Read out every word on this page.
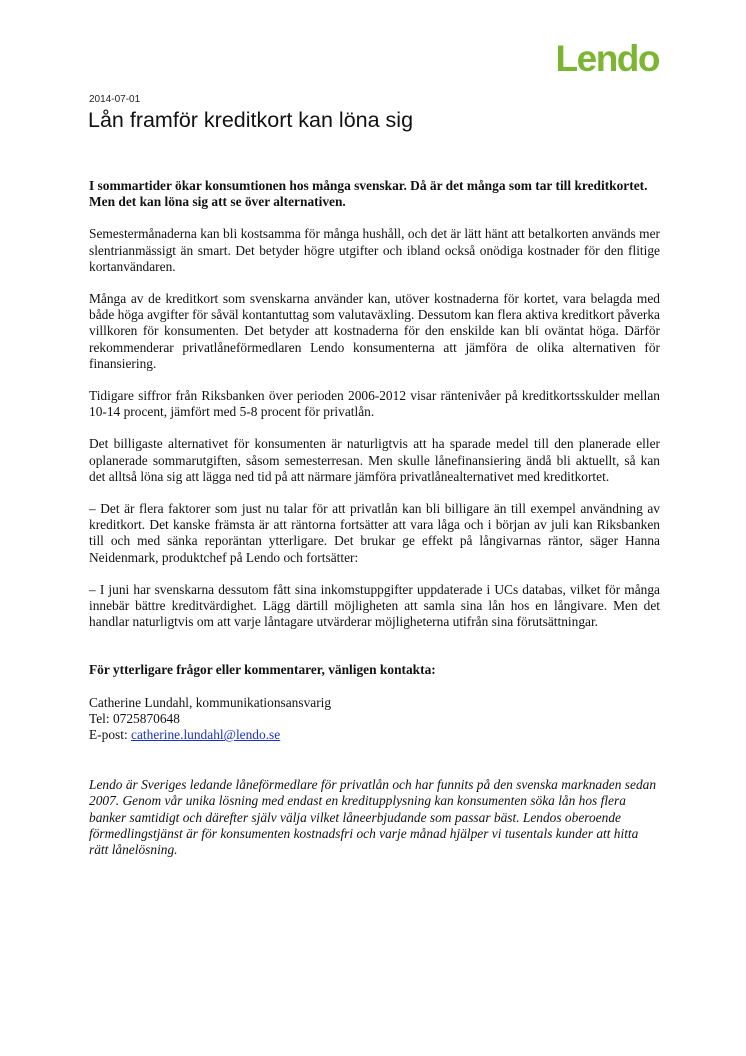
Lendo
2014-07-01
Lån framför kreditkort kan löna sig

I sommartider ökar konsumtionen hos många svenskar. Då är det många som tar till kreditkortet. Men det kan löna sig att se över alternativen.

Semestermånaderna kan bli kostsamma för många hushåll, och det är lätt hänt att betalkorten används mer slentrianmässigt än smart. Det betyder högre utgifter och ibland också onödiga kostnader för den flitige kortanvändaren.

Många av de kreditkort som svenskarna använder kan, utöver kostnaderna för kortet, vara belagda med både höga avgifter för såväl kontantuttag som valutaväxling. Dessutom kan flera aktiva kreditkort påverka villkoren för konsumenten. Det betyder att kostnaderna för den enskilde kan bli oväntat höga. Därför rekommenderar privatlåneförmedlaren Lendo konsumenterna att jämföra de olika alternativen för finansiering.

Tidigare siffror från Riksbanken över perioden 2006-2012 visar räntenivåer på kreditkortsskulder mellan 10-14 procent, jämfört med 5-8 procent för privatlån.

Det billigaste alternativet för konsumenten är naturligtvis att ha sparade medel till den planerade eller oplanerade sommarutgiften, såsom semesterresan. Men skulle lånefinansiering ändå bli aktuellt, så kan det alltså löna sig att lägga ned tid på att närmare jämföra privatlånealternativet med kreditkortet.

– Det är flera faktorer som just nu talar för att privatlån kan bli billigare än till exempel användning av kreditkort. Det kanske främsta är att räntorna fortsätter att vara låga och i början av juli kan Riksbanken till och med sänka reporäntan ytterligare. Det brukar ge effekt på långivarnas räntor, säger Hanna Neidenmark, produktchef på Lendo och fortsätter:

– I juni har svenskarna dessutom fått sina inkomstuppgifter uppdaterade i UCs databas, vilket för många innebär bättre kreditvärdighet. Lägg därtill möjligheten att samla sina lån hos en långivare. Men det handlar naturligtvis om att varje låntagare utvärderar möjligheterna utifrån sina förutsättningar.

För ytterligare frågor eller kommentarer, vänligen kontakta:

Catherine Lundahl, kommunikationsansvarig

Tel: 0725870648

E-post: catherine.lundahl@lendo.se

Lendo är Sveriges ledande låneförmedlare för privatlån och har funnits på den svenska marknaden sedan 2007. Genom vår unika lösning med endast en kreditupplysning kan konsumenten söka lån hos flera banker samtidigt och därefter själv välja vilket låneerbjudande som passar bäst. Lendos oberoende förmedlingstjänst är för konsumenten kostnadsfri och varje månad hjälper vi tusentals kunder att hitta rätt lånelösning.
